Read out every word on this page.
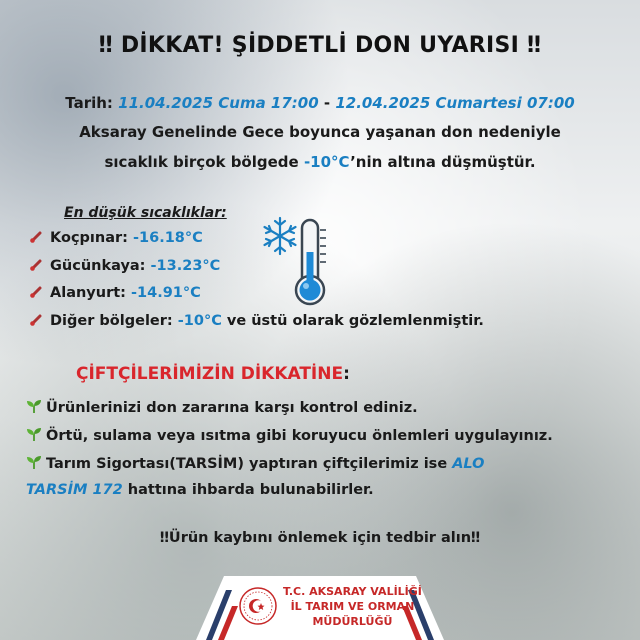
‼ DİKKAT! ŞİDDETLİ DON UYARISI ‼
Tarih: 11.04.2025 Cuma 17:00 - 12.04.2025 Cumartesi 07:00
Aksaray Genelinde Gece boyunca yaşanan don nedeniyle
sıcaklık birçok bölgede -10°C’nin altına düşmüştür.
En düşük sıcaklıklar:
Koçpınar: -16.18°C
Gücünkaya: -13.23°C
Alanyurt: -14.91°C
Diğer bölgeler: -10°C ve üstü olarak gözlemlenmiştir.
ÇİFTÇİLERİMİZİN DİKKATİNE:
Ürünlerinizi don zararına karşı kontrol ediniz.
Örtü, sulama veya ısıtma gibi koruyucu önlemleri uygulayınız.
Tarım Sigortası(TARSİM) yaptıran çiftçilerimiz ise ALO
TARSİM 172 hattına ihbarda bulunabilirler.
‼Ürün kaybını önlemek için tedbir alın‼
T.C. AKSARAY VALİLİĞİ
İL TARIM VE ORMAN
MÜDÜRLÜĞÜ
